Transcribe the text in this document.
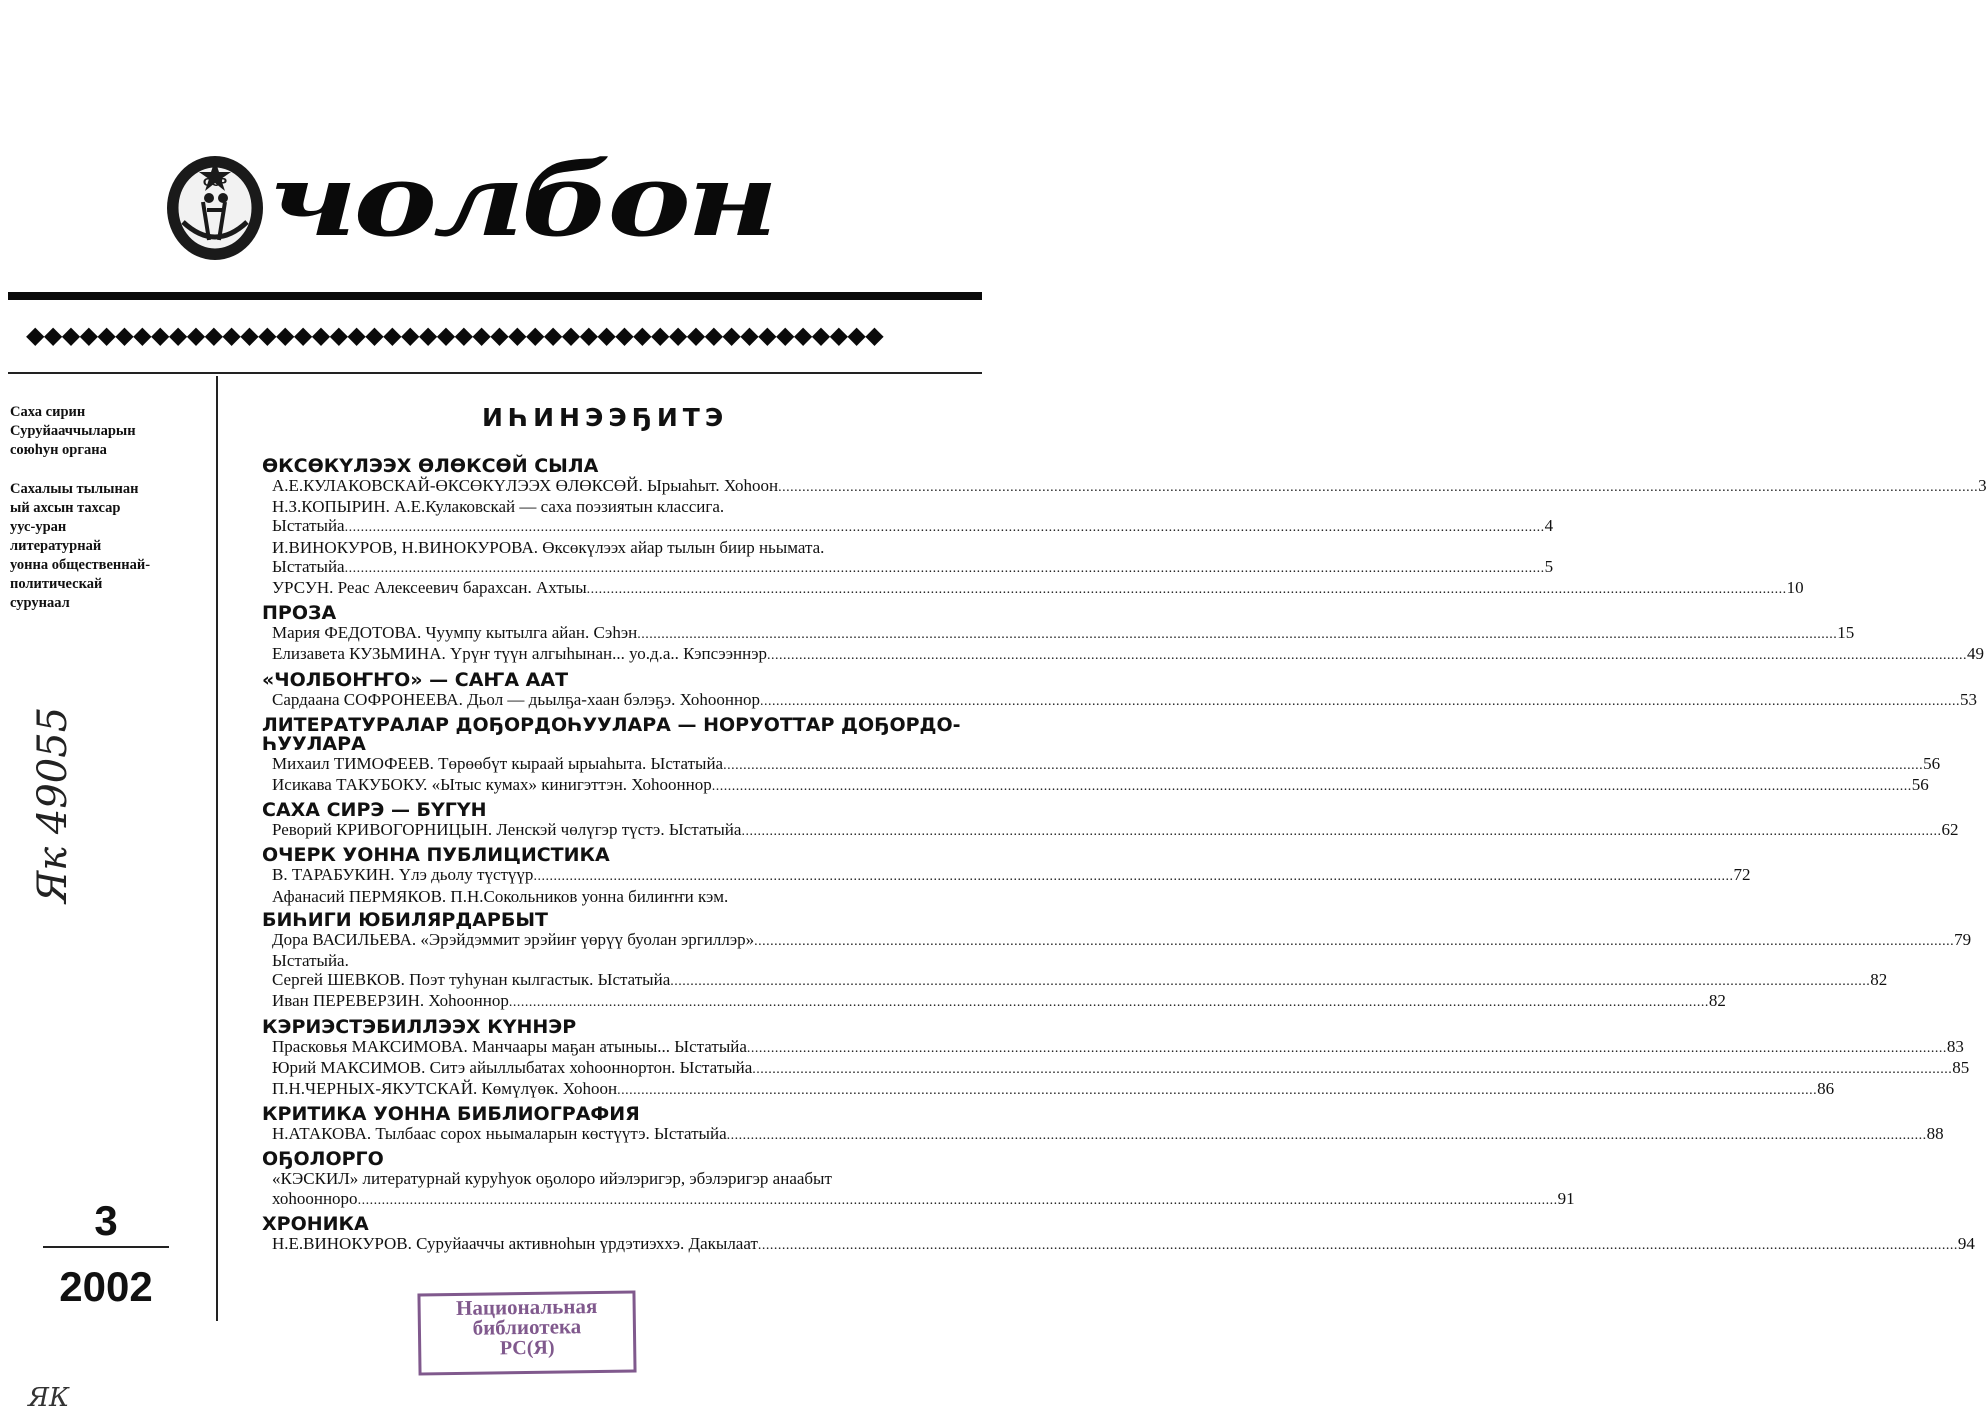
ССР чолбон
◆◆◆◆◆◆◆◆◆◆◆◆◆◆◆◆◆◆◆◆◆◆◆◆◆◆◆◆◆◆◆◆◆◆◆◆◆◆◆◆◆◆◆◆◆◆◆◆
Саха сирин
Суруйааччыларын
союһун органа
Сахалыы тылынан
ый ахсын тахсар
уус-уран
литературнай
уонна общественнай-
политическай
сурунаал
Як 49055
3
2002
ЯК
ИҺИНЭЭҔИТЭ
ӨКСӨКҮЛЭЭХ ӨЛӨКСӨЙ СЫЛА
А.Е.КУЛАКОВСКАЙ-ӨКСӨКҮЛЭЭХ ӨЛӨКСӨЙ. Ырыаһыт. Хоһоон ............................................................................................................................................................................................................................................................................................................ 3
Н.З.КОПЫРИН. А.Е.Кулаковскай — саха поэзиятын классига.
Ыстатыйа ............................................................................................................................................................................................................................................................................................................ 4
И.ВИНОКУРОВ, Н.ВИНОКУРОВА. Өксөкүлээх айар тылын биир ньымата.
Ыстатыйа ............................................................................................................................................................................................................................................................................................................ 5
УРСУН. Реас Алексеевич барахсан. Ахтыы ............................................................................................................................................................................................................................................................................................................ 10
ПРОЗА
Мария ФЕДОТОВА. Чуумпу кытылга айан. Сэһэн ............................................................................................................................................................................................................................................................................................................ 15
Елизавета КУЗЬМИНА. Үрүҥ түүн алгыһынан... уо.д.а.. Кэпсээннэр ............................................................................................................................................................................................................................................................................................................ 49
«ЧОЛБОҤҤО» — САҤА ААТ
Сардаана СОФРОНЕЕВА. Дьол — дьылҕа-хаан бэлэҕэ. Хоһооннор ............................................................................................................................................................................................................................................................................................................ 53
ЛИТЕРАТУРАЛАР ДОҔОРДОҺУУЛАРА — НОРУОТТАР ДОҔОРДО-ҺУУЛАРА
Михаил ТИМОФЕЕВ. Төрөөбүт кыраай ырыаһыта. Ыстатыйа ............................................................................................................................................................................................................................................................................................................ 56
Исикава ТАКУБОКУ. «Ытыс кумах» кинигэттэн. Хоһооннор ............................................................................................................................................................................................................................................................................................................ 56
САХА СИРЭ — БҮГҮН
Реворий КРИВОГОРНИЦЫН. Ленскэй чөлүгэр түстэ. Ыстатыйа ............................................................................................................................................................................................................................................................................................................ 62
ОЧЕРК УОННА ПУБЛИЦИСТИКА
В. ТАРАБУКИН. Үлэ дьолу түстүүр ............................................................................................................................................................................................................................................................................................................ 72
Афанасий ПЕРМЯКОВ. П.Н.Сокольников уонна билиҥҥи кэм.
БИҺИГИ ЮБИЛЯРДАРБЫТ
Дора ВАСИЛЬЕВА. «Эрэйдэммит эрэйиҥ үөрүү буолан эргиллэр» ............................................................................................................................................................................................................................................................................................................ 79
Ыстатыйа.
Сергей ШЕВКОВ. Поэт туһунан кылгастык. Ыстатыйа ............................................................................................................................................................................................................................................................................................................ 82
Иван ПЕРЕВЕРЗИН. Хоһооннор ............................................................................................................................................................................................................................................................................................................ 82
КЭРИЭСТЭБИЛЛЭЭХ КҮННЭР
Прасковья МАКСИМОВА. Манчаары маҕан атыныы... Ыстатыйа ............................................................................................................................................................................................................................................................................................................ 83
Юрий МАКСИМОВ. Ситэ айыллыбатах хоһооннортон. Ыстатыйа ............................................................................................................................................................................................................................................................................................................ 85
П.Н.ЧЕРНЫХ-ЯКУТСКАЙ. Көмүлүөк. Хоһоон ............................................................................................................................................................................................................................................................................................................ 86
КРИТИКА УОННА БИБЛИОГРАФИЯ
Н.АТАКОВА. Тылбаас сорох ньымаларын көстүүтэ. Ыстатыйа ............................................................................................................................................................................................................................................................................................................ 88
ОҔОЛОРГО
«КЭСКИЛ» литературнай куруһуок оҕолоро ийэлэригэр, эбэлэригэр анаабыт
хоһооннорo ............................................................................................................................................................................................................................................................................................................ 91
ХРОНИКА
Н.Е.ВИНОКУРОВ. Суруйааччы активноһын үрдэтиэххэ. Дакылаат ............................................................................................................................................................................................................................................................................................................ 94
Национальная
библиотека
РС(Я)
